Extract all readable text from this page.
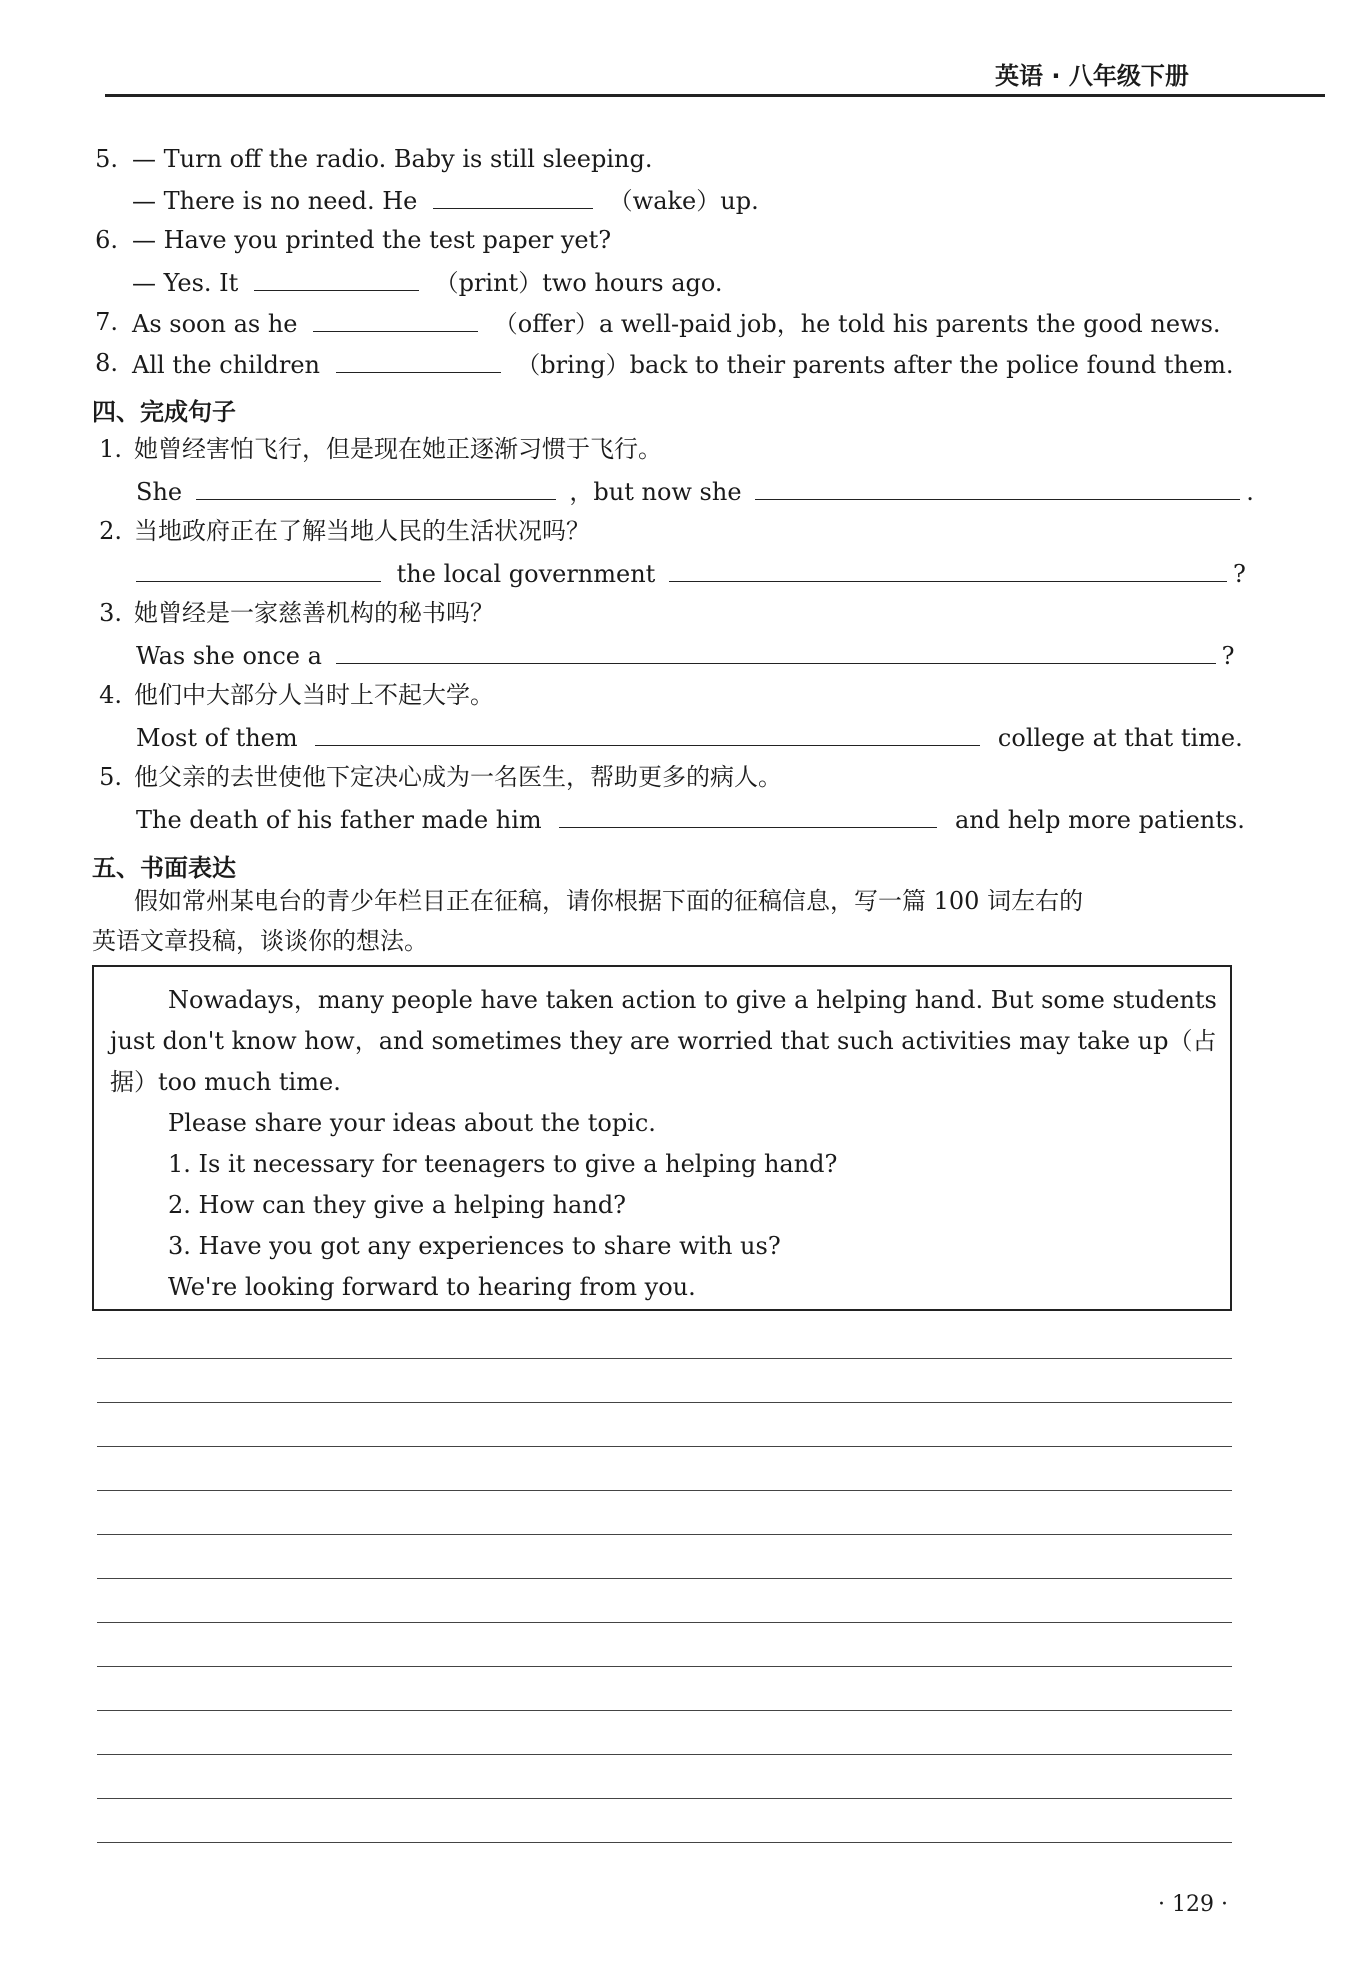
英语 · 八年级下册
5. — Turn off the radio. Baby is still sleeping.
— There is no need. He	（wake）up.
6. — Have you printed the test paper yet?
— Yes. It	（print）two hours ago.
7. As soon as he	（offer）a well-paid job，he told his parents the good news.
8. All the children	（bring）back to their parents after the police found them.
四、完成句子
1. 她曾经害怕飞行，但是现在她正逐渐习惯于飞行。
She	，but now she	.
2. 当地政府正在了解当地人民的生活状况吗？
the local government	?
3. 她曾经是一家慈善机构的秘书吗？
Was she once a	?
4. 他们中大部分人当时上不起大学。
Most of them	college at that time.
5. 他父亲的去世使他下定决心成为一名医生，帮助更多的病人。
The death of his father made him	and help more patients.
五、书面表达
假如常州某电台的青少年栏目正在征稿，请你根据下面的征稿信息，写一篇 100 词左右的
英语文章投稿，谈谈你的想法。
Nowadays，many people have taken action to give a helping hand. But some students
just don't know how，and sometimes they are worried that such activities may take up（占
据）too much time.
Please share your ideas about the topic.
1. Is it necessary for teenagers to give a helping hand?
2. How can they give a helping hand?
3. Have you got any experiences to share with us?
We're looking forward to hearing from you.
· 129 ·
